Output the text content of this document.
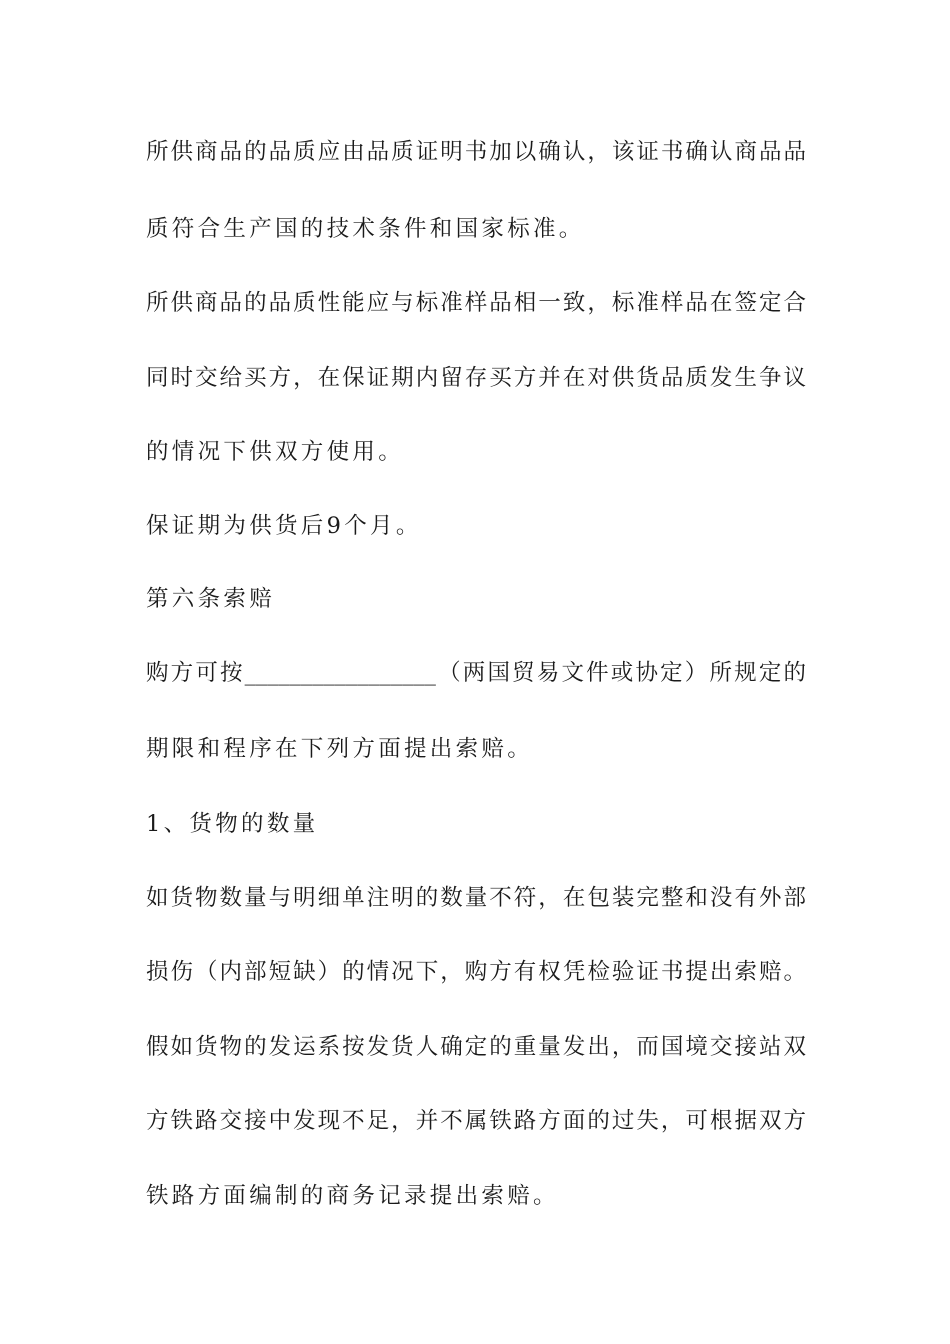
所供商品的品质应由品质证明书加以确认，该证书确认商品品
质符合生产国的技术条件和国家标准。
所供商品的品质性能应与标准样品相一致，标准样品在签定合
同时交给买方，在保证期内留存买方并在对供货品质发生争议
的情况下供双方使用。
保证期为供货后9个月。
第六条索赔
购方可按_________________（两国贸易文件或协定）所规定的
期限和程序在下列方面提出索赔。
1、货物的数量
如货物数量与明细单注明的数量不符，在包装完整和没有外部
损伤（内部短缺）的情况下，购方有权凭检验证书提出索赔。
假如货物的发运系按发货人确定的重量发出，而国境交接站双
方铁路交接中发现不足，并不属铁路方面的过失，可根据双方
铁路方面编制的商务记录提出索赔。
